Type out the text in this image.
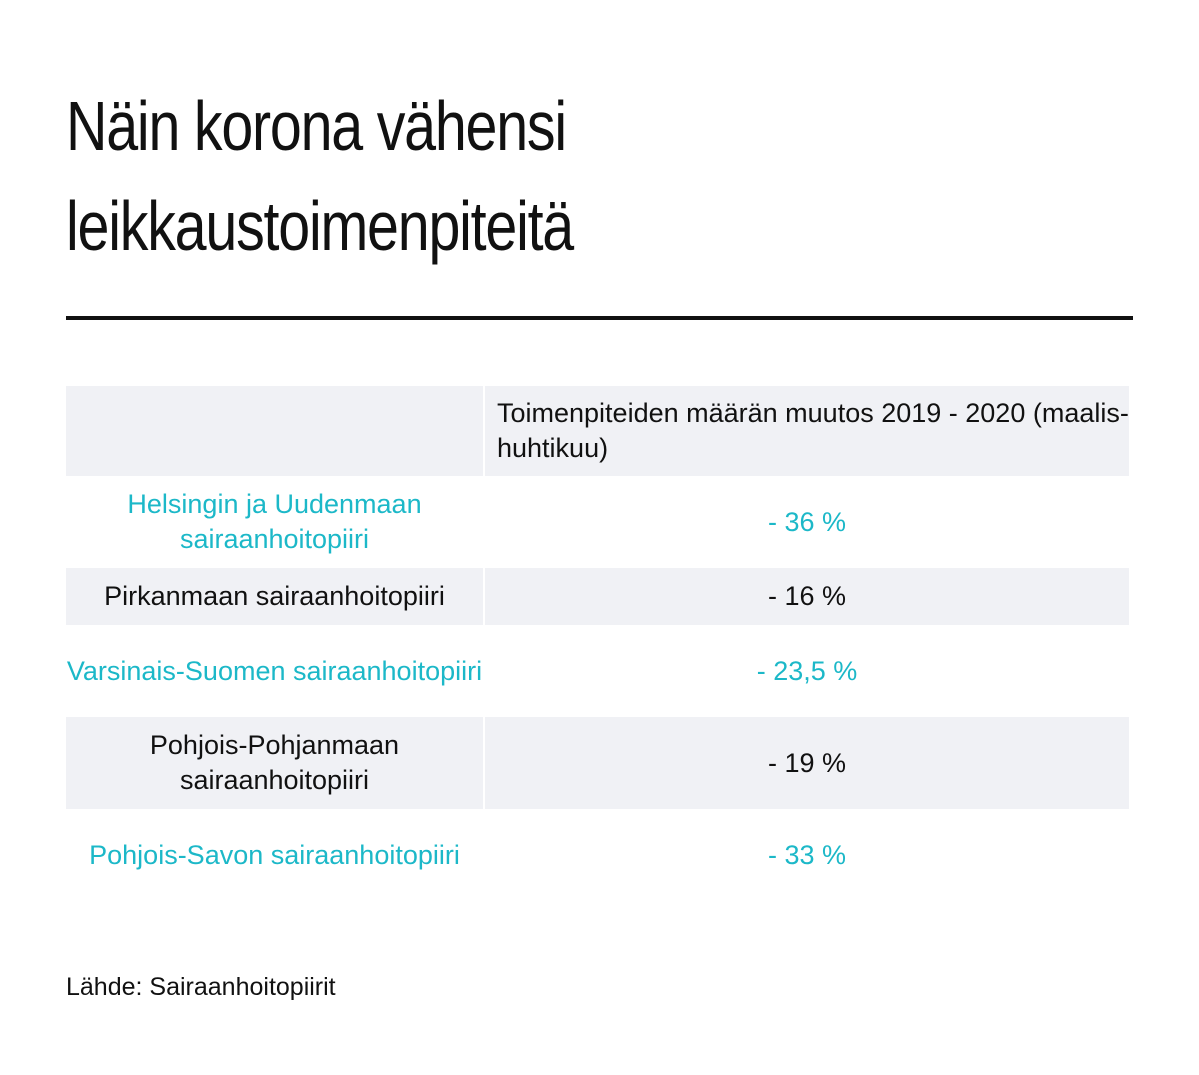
Näin korona vähensi
leikkaustoimenpiteitä
	Toimenpiteiden määrän muutos 2019 - 2020 (maalis-huhtikuu)
Helsingin ja Uudenmaan sairaanhoitopiiri	- 36 %
Pirkanmaan sairaanhoitopiiri	- 16 %
Varsinais-Suomen sairaanhoitopiiri	- 23,5 %
Pohjois-Pohjanmaan sairaanhoitopiiri	- 19 %
Pohjois-Savon sairaanhoitopiiri	- 33 %
Lähde: Sairaanhoitopiirit
